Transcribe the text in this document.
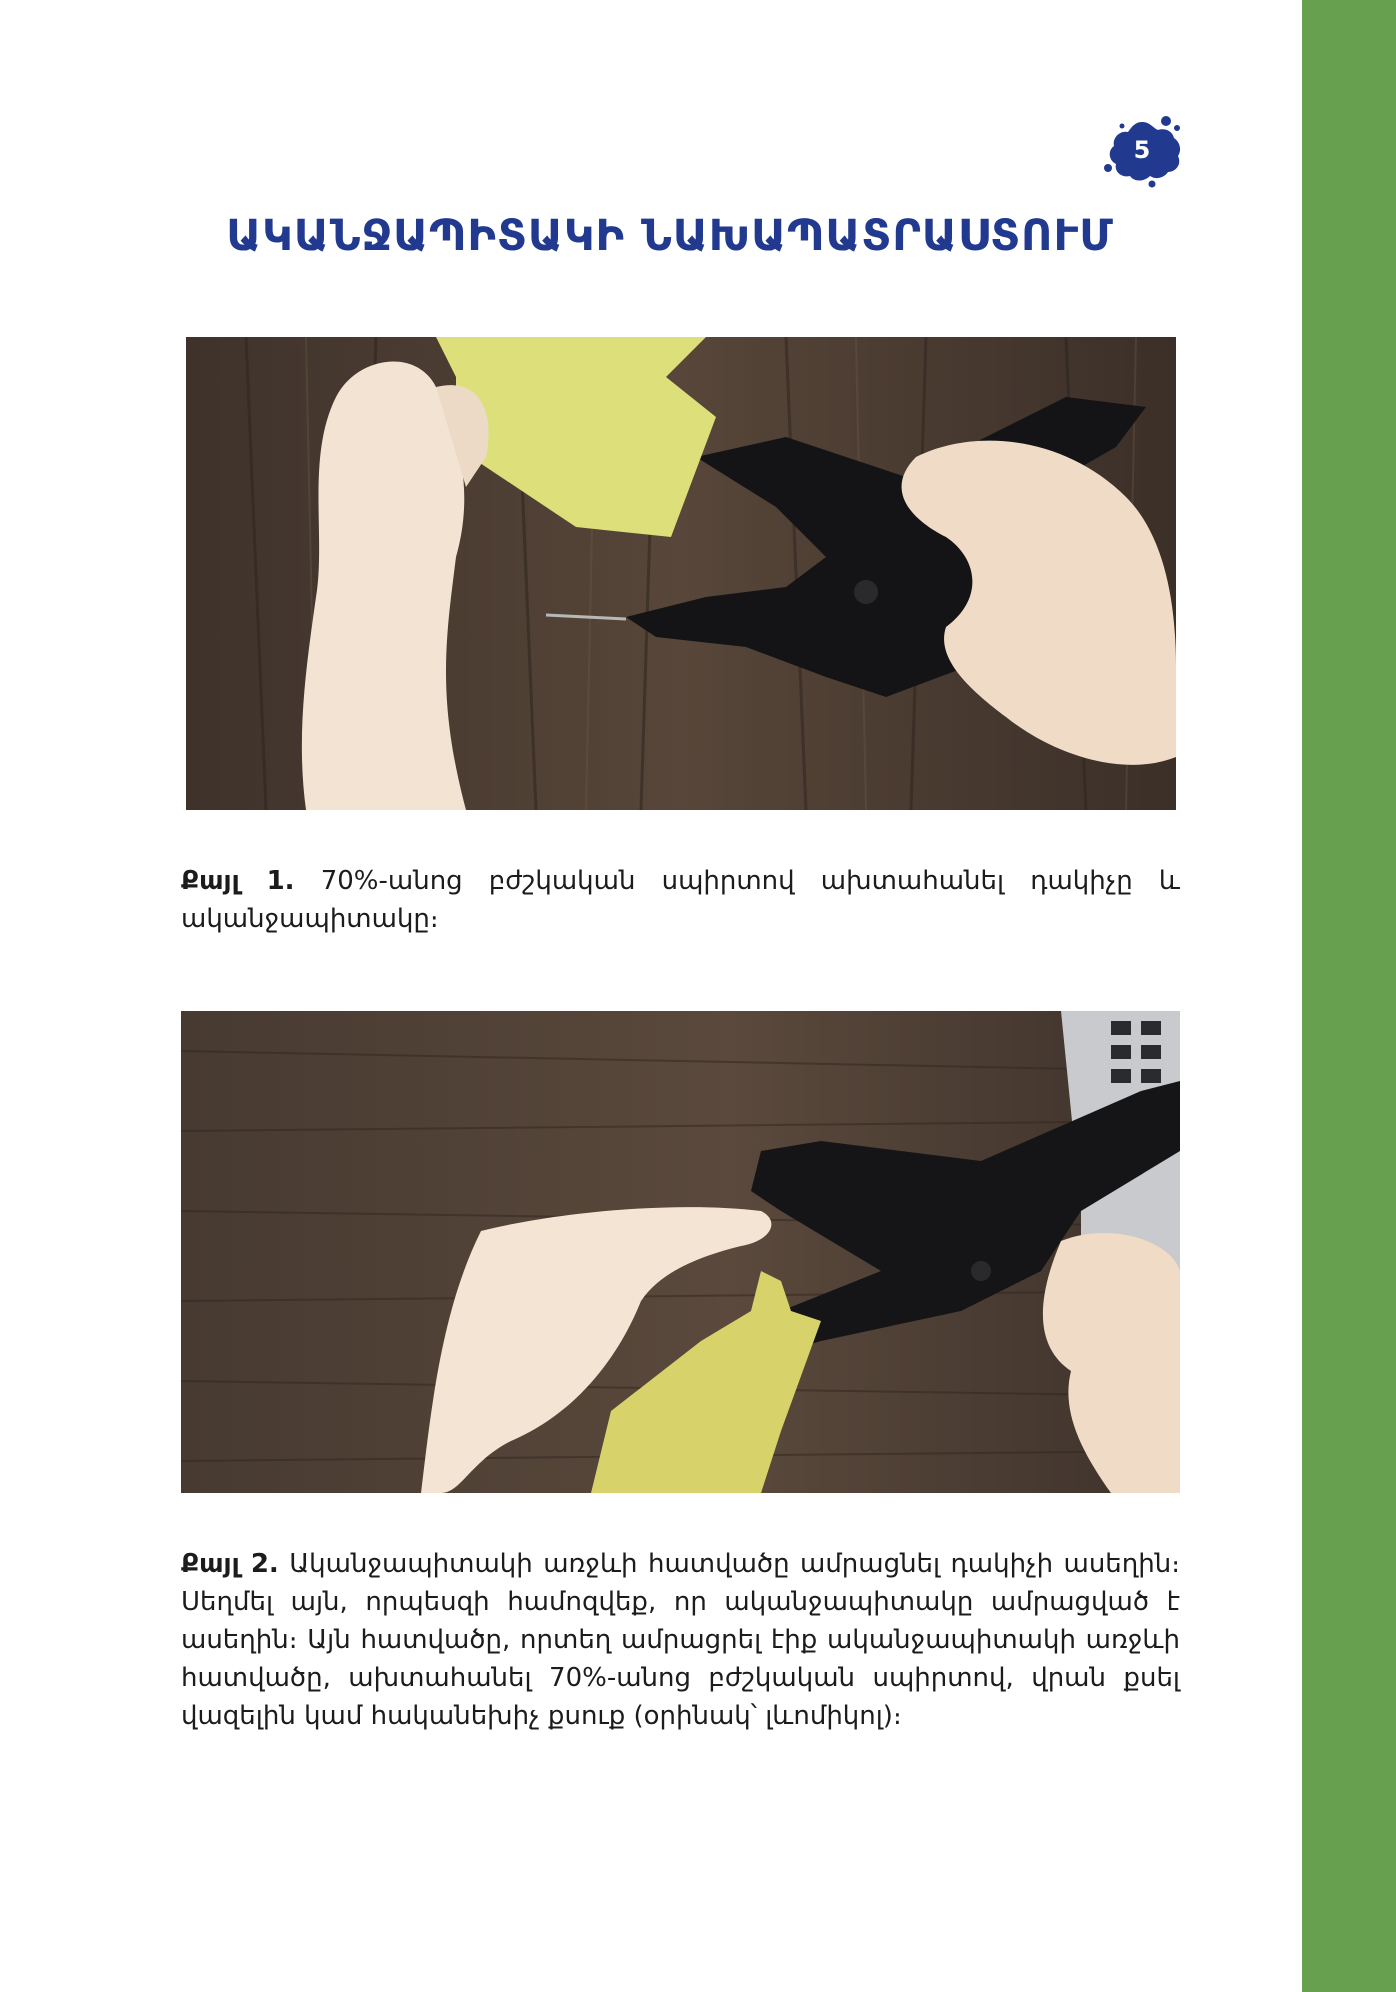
5
ԱԿԱՆՋԱՊԻՏԱԿԻ ՆԱԽԱՊԱՏՐԱՍՏՈՒՄ
Քայլ 1. 70%-անոց բժշկական սպիրտով ախտահանել դակիչը և ականջապիտակը։
Քայլ 2. Ականջապիտակի առջևի հատվածը ամրացնել դակիչի ասեղին։ Սեղմել այն, որպեսզի համոզվեք, որ ականջապիտակը ամրացված է ասեղին։ Այն հատվածը, որտեղ ամրացրել էիք ականջապիտակի առջևի հատվածը, ախտահանել 70%-անոց բժշկական սպիրտով, վրան քսել վազելին կամ հականեխիչ քսուք (օրինակ՝ լևոմիկոլ)։
